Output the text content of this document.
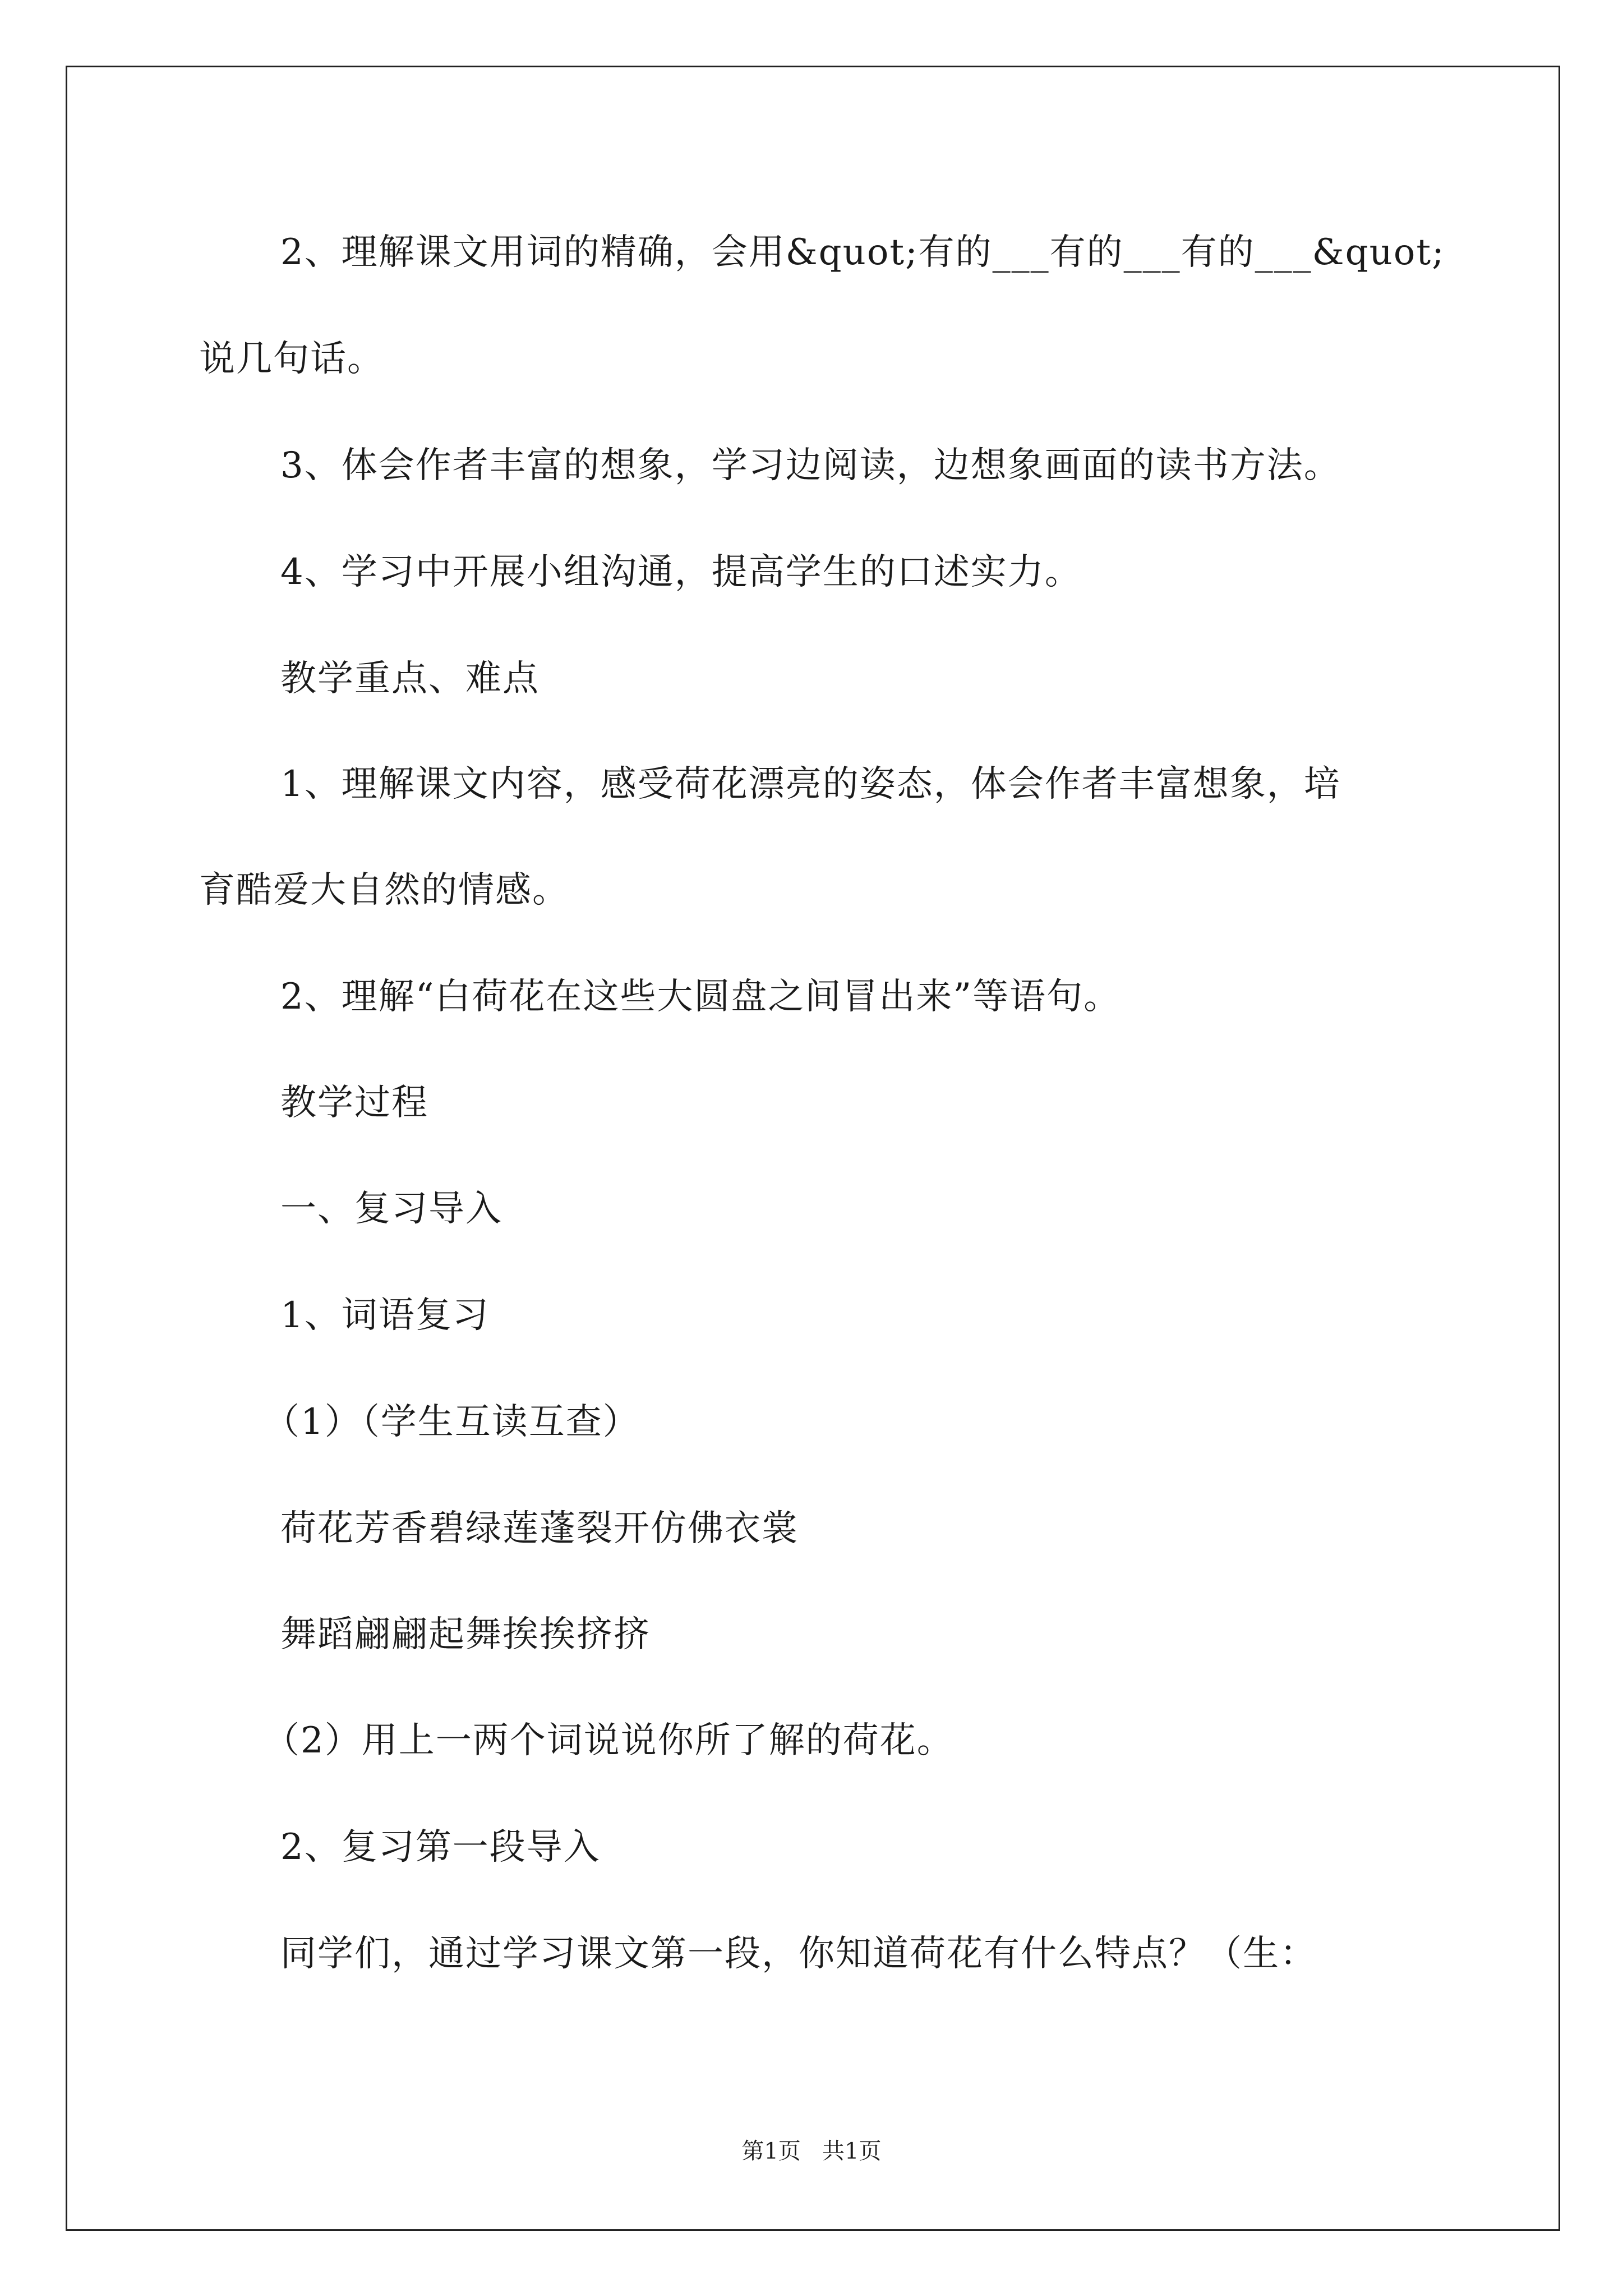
2、理解课文用词的精确，会用&quot;有的___有的___有的___&quot;

说几句话。

3、体会作者丰富的想象，学习边阅读，边想象画面的读书方法。

4、学习中开展小组沟通，提高学生的口述实力。

教学重点、难点

1、理解课文内容，感受荷花漂亮的姿态，体会作者丰富想象，培

育酷爱大自然的情感。

2、理解“白荷花在这些大圆盘之间冒出来”等语句。

教学过程

一、复习导入

1、词语复习

（1）（学生互读互查）

荷花芳香碧绿莲蓬裂开仿佛衣裳

舞蹈翩翩起舞挨挨挤挤

（2）用上一两个词说说你所了解的荷花。

2、复习第一段导入

同学们，通过学习课文第一段，你知道荷花有什么特点？（生：

第1页   共1页
